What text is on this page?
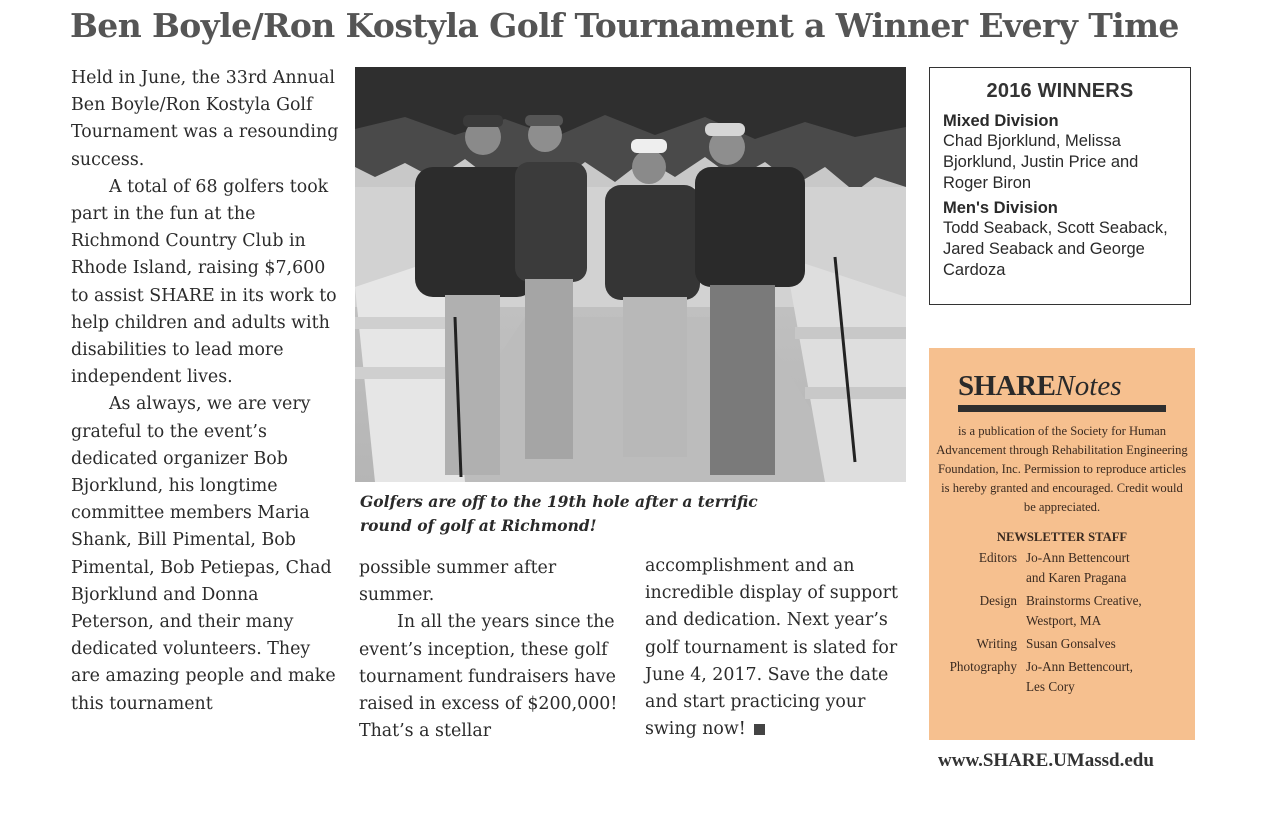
Ben Boyle/Ron Kostyla Golf Tournament a Winner Every Time

Held in June, the 33rd Annual Ben Boyle/Ron Kostyla Golf Tournament was a resounding success.

A total of 68 golfers took part in the fun at the Richmond Country Club in Rhode Island, raising $7,600 to assist SHARE in its work to help children and adults with disabilities to lead more independent lives.

As always, we are very grateful to the event’s dedicated organizer Bob Bjorklund, his longtime committee members Maria Shank, Bill Pimental, Bob Pimental, Bob Petiepas, Chad Bjorklund and Donna Peterson, and their many dedicated volunteers. They are amazing people and make this tournament

Golfers are off to the 19th hole after a terrific round of golf at Richmond!

possible summer after summer.

In all the years since the event’s inception, these golf tournament fundraisers have raised in excess of $200,000! That’s a stellar

accomplishment and an incredible display of support and dedication. Next year’s golf tournament is slated for June 4, 2017. Save the date and start practicing your swing now!

2016 WINNERS
Mixed Division
Chad Bjorklund, Melissa Bjorklund, Justin Price and Roger Biron
Men's Division
Todd Seaback, Scott Seaback, Jared Seaback and George Cardoza
SHARENotes
is a publication of the Society for Human Advancement through Rehabilitation Engineering Foundation, Inc. Permission to reproduce articles is hereby granted and encouraged. Credit would be appreciated.
NEWSLETTER STAFF
Editors Jo-Ann Bettencourt
and Karen Pragana
Design Brainstorms Creative,
Westport, MA
Writing Susan Gonsalves
Photography Jo-Ann Bettencourt,
Les Cory
www.SHARE.UMassd.edu
